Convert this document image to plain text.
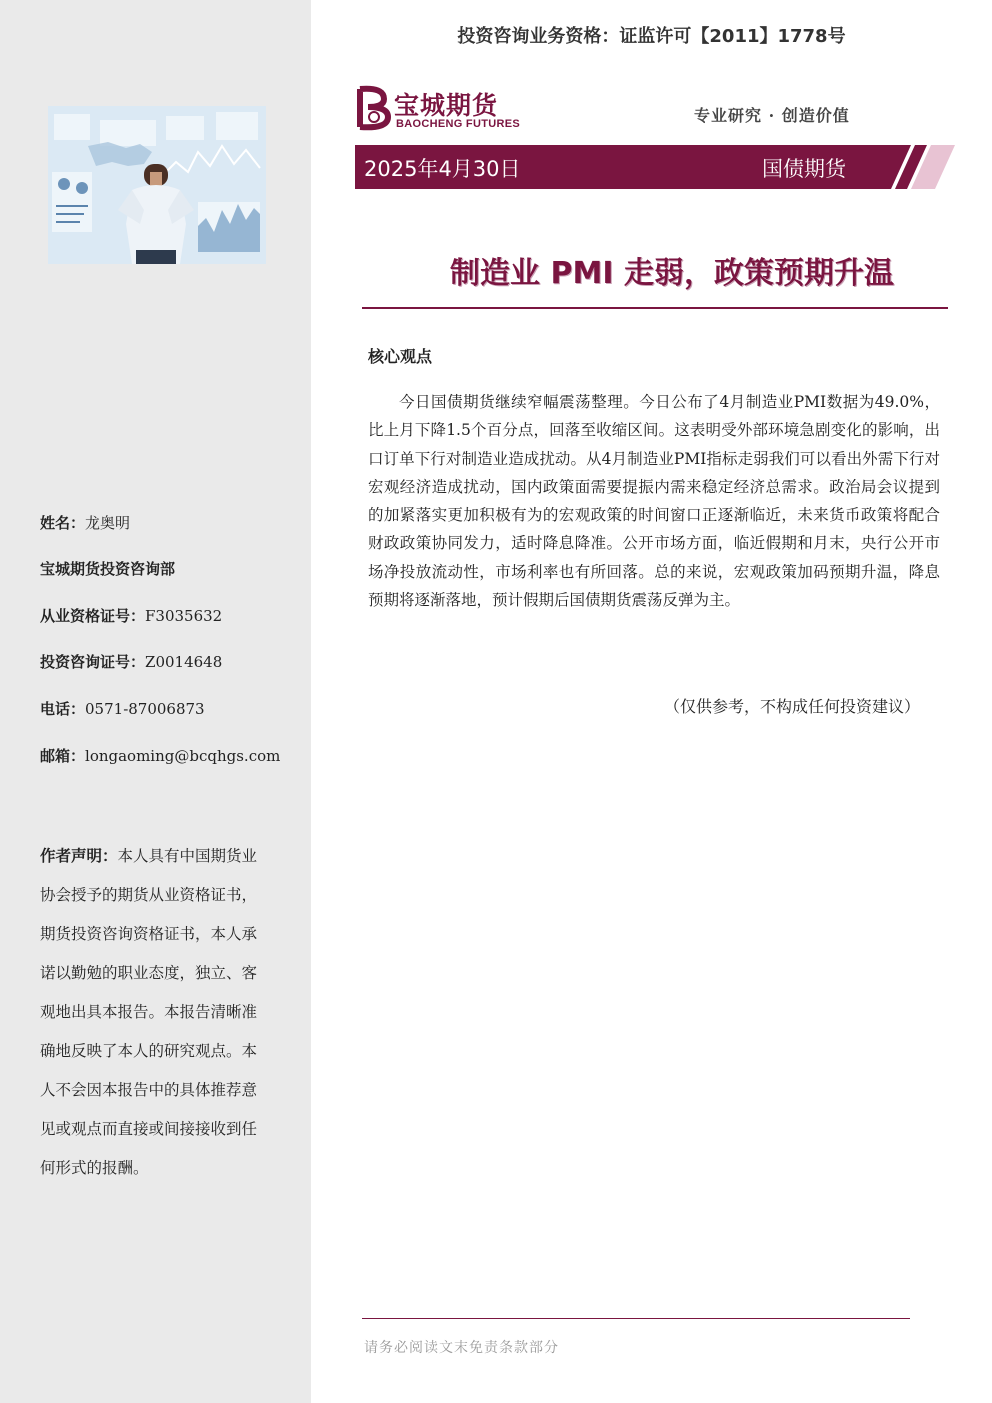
姓名：龙奥明
宝城期货投资咨询部
从业资格证号：F3035632
投资咨询证号：Z0014648
电话：0571-87006873
邮箱：longaoming@bcqhgs.com
作者声明：本人具有中国期货业协会授予的期货从业资格证书，期货投资咨询资格证书，本人承诺以勤勉的职业态度，独立、客观地出具本报告。本报告清晰准确地反映了本人的研究观点。本人不会因本报告中的具体推荐意见或观点而直接或间接接收到任何形式的报酬。
投资咨询业务资格：证监许可【2011】1778号
宝城期货
BAOCHENG FUTURES	专业研究 · 创造价值
2025年4月30日	国债期货
制造业 PMI 走弱，政策预期升温
核心观点

今日国债期货继续窄幅震荡整理。今日公布了4月制造业PMI数据为49.0%，比上月下降1.5个百分点，回落至收缩区间。这表明受外部环境急剧变化的影响，出口订单下行对制造业造成扰动。从4月制造业PMI指标走弱我们可以看出外需下行对宏观经济造成扰动，国内政策面需要提振内需来稳定经济总需求。政治局会议提到的加紧落实更加积极有为的宏观政策的时间窗口正逐渐临近，未来货币政策将配合财政政策协同发力，适时降息降准。公开市场方面，临近假期和月末，央行公开市场净投放流动性，市场利率也有所回落。总的来说，宏观政策加码预期升温，降息预期将逐渐落地，预计假期后国债期货震荡反弹为主。

（仅供参考，不构成任何投资建议）
请务必阅读文末免责条款部分
